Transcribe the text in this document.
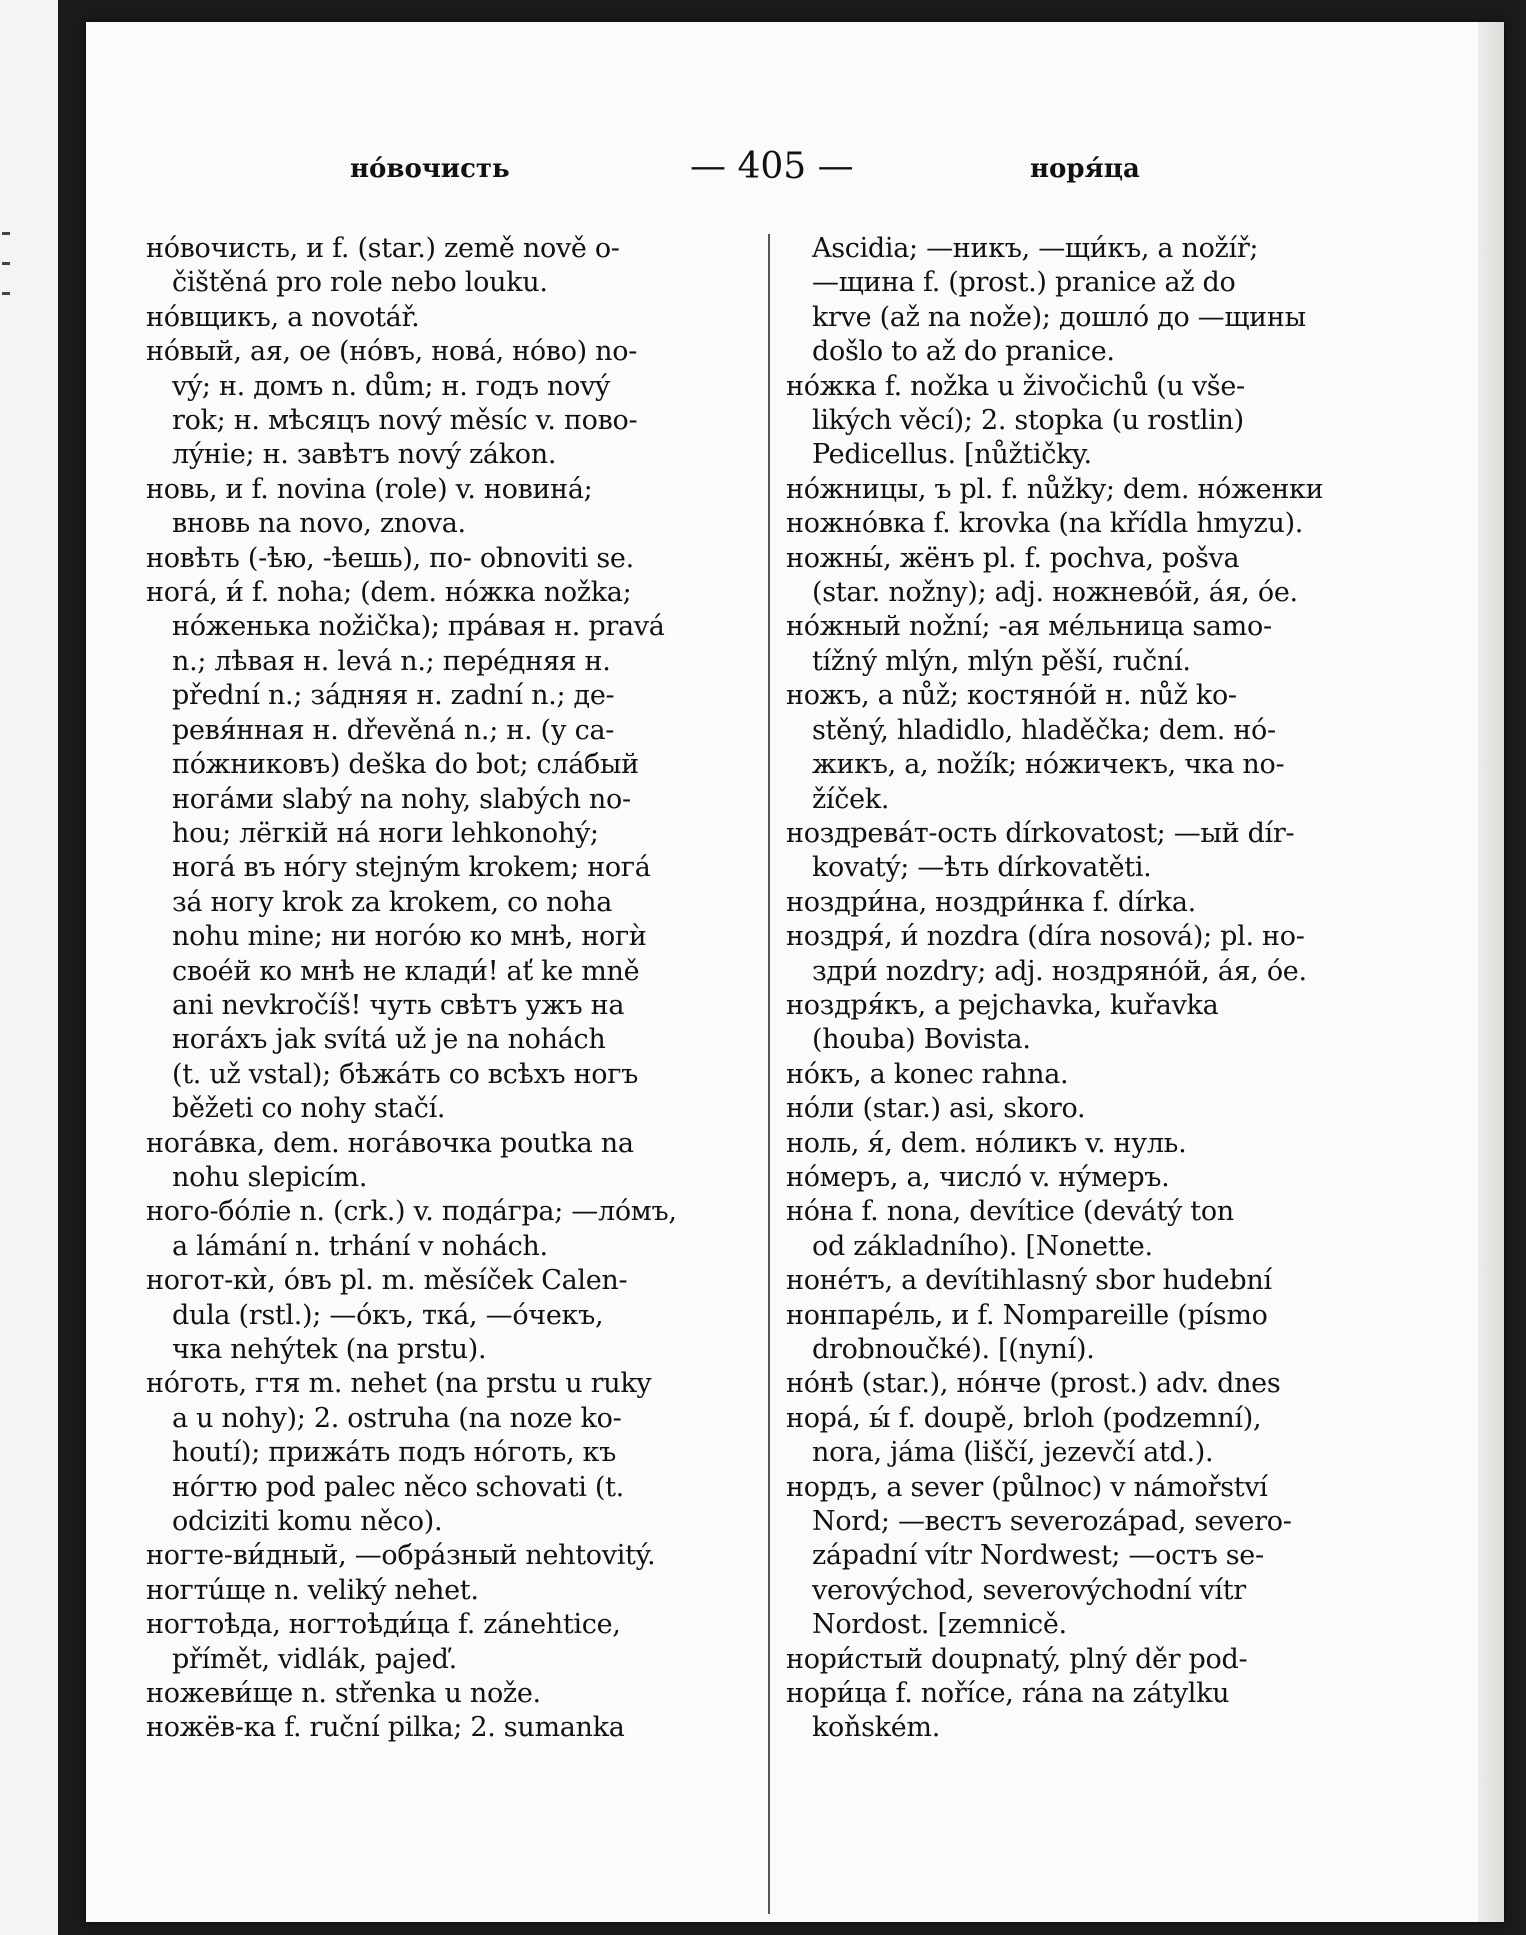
нóвочисть	— 405 —	норя́ца
нóвочисть, и f. (star.) země nově o-
čištěná pro role nebo louku.
нóвщикъ, a novotář.
нóвый, ая, ое (нóвъ, новá, нóво) no-
vý; н. домъ n. dům; н. годъ nový
rok; н. мѣсяцъ nový měsíc v. пово-
лýнiе; н. завѣтъ nový zákon.
новь, и f. novina (role) v. новина́;
вновь na novo, znova.
новѣть (-ѣю, -ѣешь), по- obnoviti se.
ногá, и́ f. noha; (dem. нóжка nožka;
нóженька nožička); прáвая н. pravá
n.; лѣвая н. levá n.; перéдняя н.
přední n.; зáдняя н. zadní n.; де-
ревя́нная н. dřevěná n.; н. (у са-
пóжниковъ) deška do bot; слáбый
ногáми slabý na nohy, slabých no-
hou; лёгкій нá ноги lehkonohý;
ногá въ нóгу stejným krokem; ногá
зá ногу krok za krokem, co noha
nohu mine; ни ногóю ко мнѣ, ногѝ
своéй ко мнѣ не клади́! ať ke mně
ani nevkročíš! чуть свѣтъ ужъ на
ногáхъ jak svítá už je na nohách
(t. už vstal); бѣжáть со всѣхъ ногъ
běžeti co nohy stačí.
ногáвка, dem. ногáвочка poutka na
nohu slepicím.
ного-бóлiе n. (crk.) v. подáгра; —лóмъ,
a lámání n. trhání v nohách.
ногот-кѝ, óвъ pl. m. měsíček Calen-
dula (rstl.); —óкъ, ткá, —óчекъ,
чка nehýtek (na prstu).
нóготь, гтя m. nehet (na prstu u ruky
a u nohy); 2. ostruha (na noze ko-
houtí); прижáть подъ нóготь, къ
нóгтю pod palec něco schovati (t.
odciziti komu něco).
ногте-ви́дный, —обрáзный nehtovitý.
ногтúще n. veliký nehet.
ногтоѣда, ногтоѣди́ца f. zánehtice,
přímět, vidlák, pajeď.
ножеви́ще n. střenka u nože.
ножёв-ка f. ruční pilka; 2. sumanka
Ascidia; —никъ, —щи́къ, a nožíř;
—щина f. (prost.) pranice až do
krve (až na nože); дошлó до —щины
došlo to až do pranice.
нóжка f. nožka u živočichů (u vše-
likých věcí); 2. stopka (u rostlin)
Pedicellus. [nůžtičky.
нóжницы, ъ pl. f. nůžky; dem. нóженки
ножнóвка f. krovka (na křídla hmyzu).
ножны́, жёнъ pl. f. pochva, pošva
(star. nožny); adj. ножневóй, áя, óе.
нóжный nožní; -ая мéльница samo-
tížný mlýn, mlýn pěší, ruční.
ножъ, a nůž; костянóй н. nůž ko-
stěný, hladidlo, hladěčka; dem. нó-
жикъ, a, nožík; нóжичекъ, чка no-
žíček.
ноздревáт-ость dírkovatost; —ый dír-
kovatý; —ѣть dírkovatěti.
ноздри́на, ноздри́нка f. dírka.
ноздря́, и́ nozdra (díra nosová); pl. но-
здри́ nozdry; adj. ноздрянóй, áя, óе.
ноздря́къ, a pejchavka, kuřavka
(houba) Bovista.
нóкъ, a konec rahna.
нóли (star.) asi, skoro.
ноль, я́, dem. нóликъ v. нуль.
нóмеръ, a, числó v. нýмеръ.
нóна f. nona, devítice (devátý ton
od základního). [Nonette.
нонéтъ, a devítihlasný sbor hudební
нонпарéль, и f. Nompareille (písmo
drobnoučké). [(nyní).
нóнѣ (star.), нóнче (prost.) adv. dnes
норá, ы́ f. doupě, brloh (podzemní),
nora, jáma (liščí, jezevčí atd.).
нордъ, a sever (půlnoc) v námořství
Nord; —вестъ severozápad, severo-
západní vítr Nordwest; —остъ se-
verovýchod, severovýchodní vítr
Nordost. [zemnicě.
нори́стый doupnatý, plný děr pod-
нори́ца f. noříce, rána na zátylku
koňském.
